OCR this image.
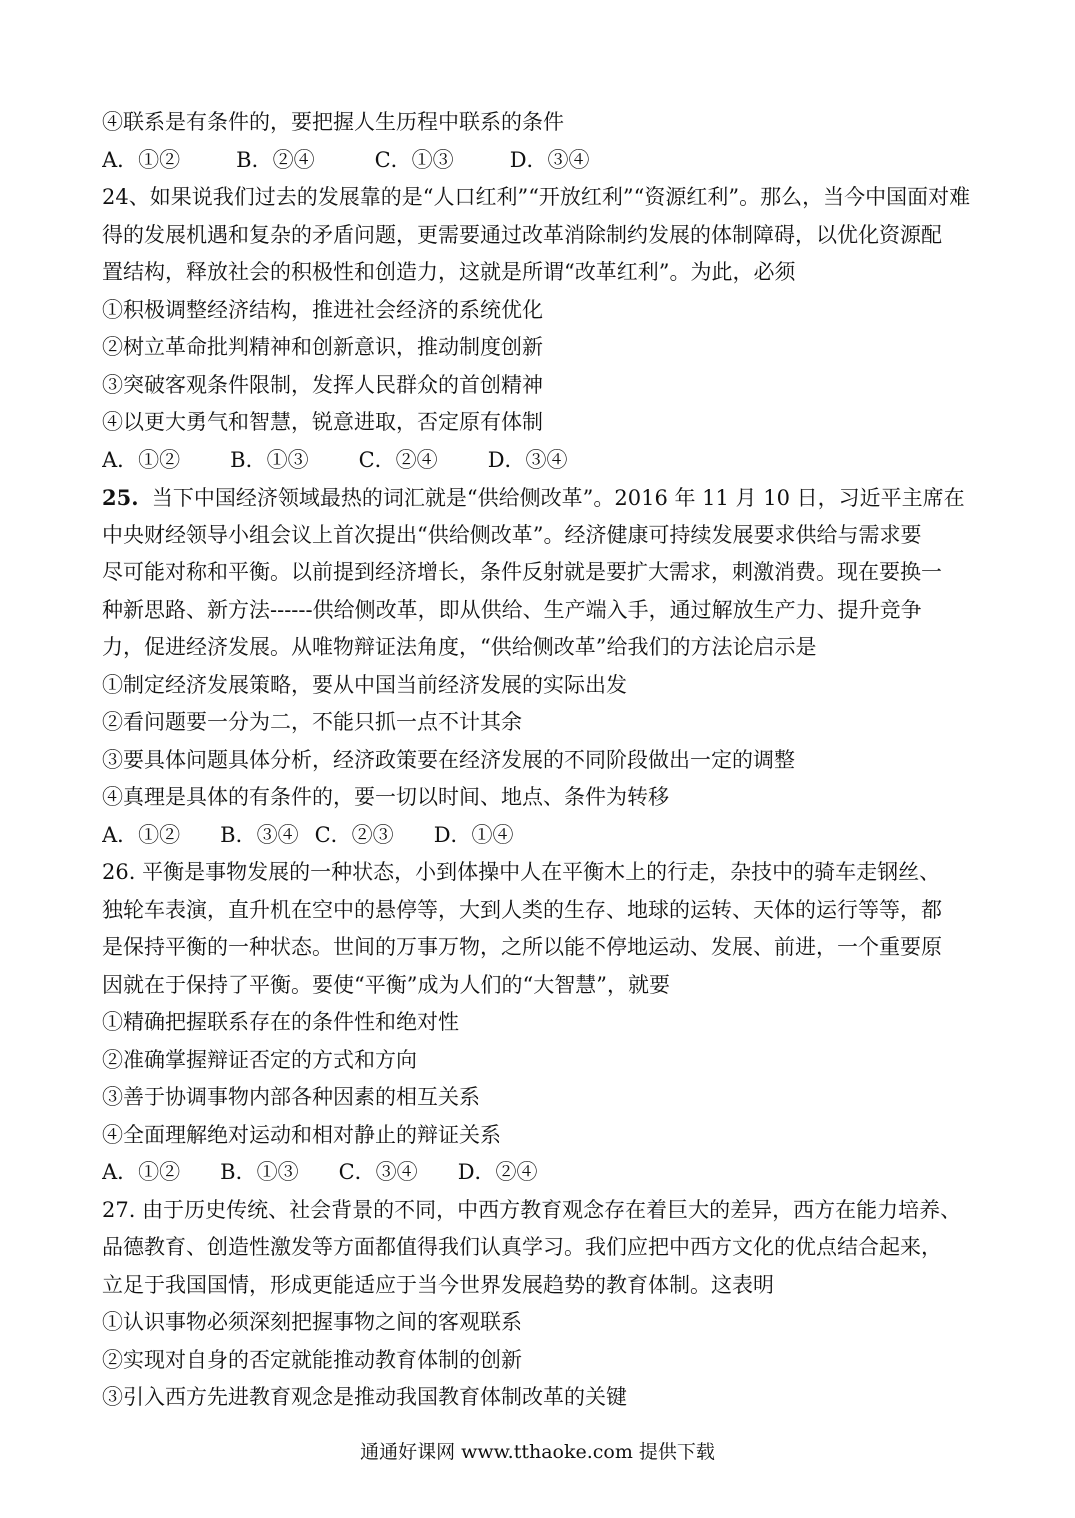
④联系是有条件的，要把握人生历程中联系的条件
A．①②	B．②④	C．①③	D．③④
24、如果说我们过去的发展靠的是“人口红利”“开放红利”“资源红利”。那么，当今中国面对难
得的发展机遇和复杂的矛盾问题，更需要通过改革消除制约发展的体制障碍，以优化资源配
置结构，释放社会的积极性和创造力，这就是所谓“改革红利”。为此，必须
①积极调整经济结构，推进社会经济的系统优化
②树立革命批判精神和创新意识，推动制度创新
③突破客观条件限制，发挥人民群众的首创精神
④以更大勇气和智慧，锐意进取，否定原有体制
A．①② B．①③ C．②④ D．③④
25.  当下中国经济领域最热的词汇就是“供给侧改革”。2016 年 11 月 10 日，习近平主席在
中央财经领导小组会议上首次提出“供给侧改革”。经济健康可持续发展要求供给与需求要
尽可能对称和平衡。以前提到经济增长，条件反射就是要扩大需求，刺激消费。现在要换一
种新思路、新方法------供给侧改革，即从供给、生产端入手，通过解放生产力、提升竞争
力，促进经济发展。从唯物辩证法角度，“供给侧改革”给我们的方法论启示是
①制定经济发展策略，要从中国当前经济发展的实际出发
②看问题要一分为二，不能只抓一点不计其余
③要具体问题具体分析，经济政策要在经济发展的不同阶段做出一定的调整
④真理是具体的有条件的，要一切以时间、地点、条件为转移
A．①② B．③④ C．②③ D．①④
26. 平衡是事物发展的一种状态，小到体操中人在平衡木上的行走，杂技中的骑车走钢丝、
独轮车表演，直升机在空中的悬停等，大到人类的生存、地球的运转、天体的运行等等，都
是保持平衡的一种状态。世间的万事万物，之所以能不停地运动、发展、前进，一个重要原
因就在于保持了平衡。要使“平衡”成为人们的“大智慧”，就要
①精确把握联系存在的条件性和绝对性
②准确掌握辩证否定的方式和方向
③善于协调事物内部各种因素的相互关系
④全面理解绝对运动和相对静止的辩证关系
A．①② B．①③ C．③④ D．②④
27. 由于历史传统、社会背景的不同，中西方教育观念存在着巨大的差异，西方在能力培养、
品德教育、创造性激发等方面都值得我们认真学习。我们应把中西方文化的优点结合起来，
立足于我国国情，形成更能适应于当今世界发展趋势的教育体制。这表明
①认识事物必须深刻把握事物之间的客观联系
②实现对自身的否定就能推动教育体制的创新
③引入西方先进教育观念是推动我国教育体制改革的关键
通通好课网 www.tthaoke.com 提供下载
